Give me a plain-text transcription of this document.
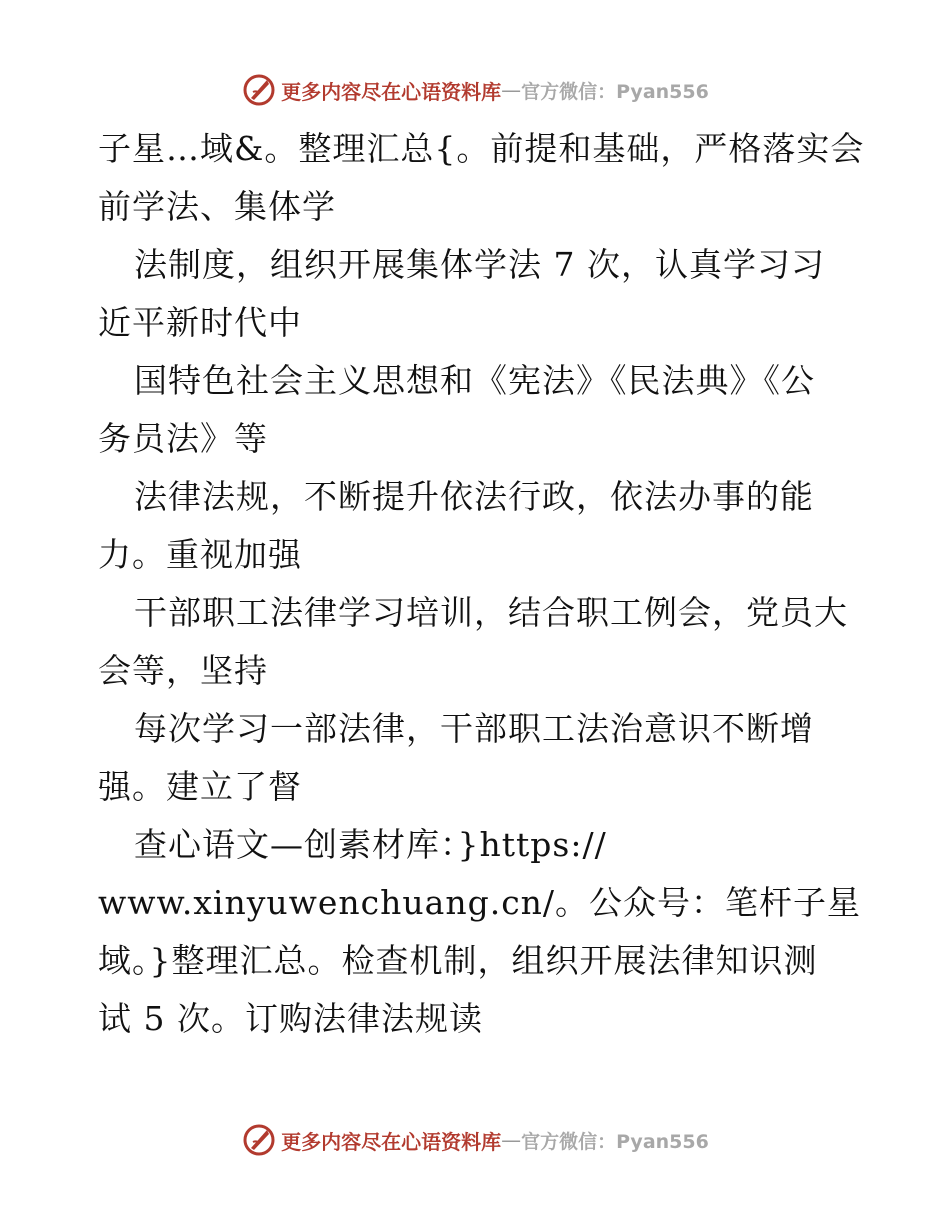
更多内容尽在心语资料库 — 官方微信：Pyan556
子星…域&。整理汇总{。前提和基础，严格落实会
前学法、集体学
法制度，组织开展集体学法 7 次，认真学习习
近平新时代中
国特色社会主义思想和《宪法》《民法典》《公
务员法》等
法律法规，不断提升依法行政，依法办事的能
力。重视加强
干部职工法律学习培训，结合职工例会，党员大
会等，坚持
每次学习一部法律，干部职工法治意识不断增
强。建立了督
查心语文—创素材库：}https://
www.xinyuwenchuang.cn/。公众号：笔杆子星
域。}整理汇总。检查机制，组织开展法律知识测
试 5 次。订购法律法规读
更多内容尽在心语资料库 — 官方微信：Pyan556
